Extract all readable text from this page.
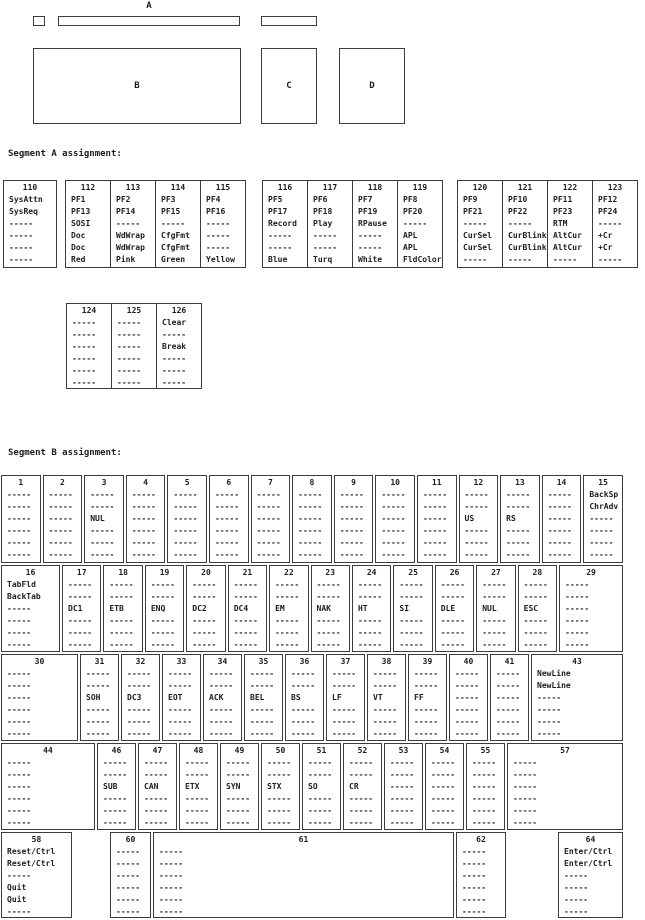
A
B	C	D
Segment A assignment:
110
SysAttn
SysReq
-----
-----
-----
-----
112
PF1
PF13
SOSI
Doc
Doc
Red
113
PF2
PF14
-----
WdWrap
WdWrap
Pink
114
PF3
PF15
-----
CfgFmt
CfgFmt
Green
115
PF4
PF16
-----
-----
-----
Yellow
116
PF5
PF17
Record
-----
-----
Blue
117
PF6
PF18
Play
-----
-----
Turq
118
PF7
PF19
RPause
-----
-----
White
119
PF8
PF20
-----
APL
APL
FldColor
120
PF9
PF21
-----
CurSel
CurSel
-----
121
PF10
PF22
-----
CurBlink
CurBlink
-----
122
PF11
PF23
RTM
AltCur
AltCur
-----
123
PF12
PF24
-----
+Cr
+Cr
-----
124
-----
-----
-----
-----
-----
-----
125
-----
-----
-----
-----
-----
-----
126
Clear
-----
Break
-----
-----
-----
Segment B assignment:
1
-----
-----
-----
-----
-----
-----
2
-----
-----
-----
-----
-----
-----
3
-----
-----
NUL
-----
-----
-----
4
-----
-----
-----
-----
-----
-----
5
-----
-----
-----
-----
-----
-----
6
-----
-----
-----
-----
-----
-----
7
-----
-----
-----
-----
-----
-----
8
-----
-----
-----
-----
-----
-----
9
-----
-----
-----
-----
-----
-----
10
-----
-----
-----
-----
-----
-----
11
-----
-----
-----
-----
-----
-----
12
-----
-----
US
-----
-----
-----
13
-----
-----
RS
-----
-----
-----
14
-----
-----
-----
-----
-----
-----
15
BackSp
ChrAdv
-----
-----
-----
-----
16
TabFld
BackTab
-----
-----
-----
-----
17
-----
-----
DC1
-----
-----
-----
18
-----
-----
ETB
-----
-----
-----
19
-----
-----
ENQ
-----
-----
-----
20
-----
-----
DC2
-----
-----
-----
21
-----
-----
DC4
-----
-----
-----
22
-----
-----
EM
-----
-----
-----
23
-----
-----
NAK
-----
-----
-----
24
-----
-----
HT
-----
-----
-----
25
-----
-----
SI
-----
-----
-----
26
-----
-----
DLE
-----
-----
-----
27
-----
-----
NUL
-----
-----
-----
28
-----
-----
ESC
-----
-----
-----
29
-----
-----
-----
-----
-----
-----
30
-----
-----
-----
-----
-----
-----
31
-----
-----
SOH
-----
-----
-----
32
-----
-----
DC3
-----
-----
-----
33
-----
-----
EOT
-----
-----
-----
34
-----
-----
ACK
-----
-----
-----
35
-----
-----
BEL
-----
-----
-----
36
-----
-----
BS
-----
-----
-----
37
-----
-----
LF
-----
-----
-----
38
-----
-----
VT
-----
-----
-----
39
-----
-----
FF
-----
-----
-----
40
-----
-----
-----
-----
-----
-----
41
-----
-----
-----
-----
-----
-----
43
NewLine
NewLine
-----
-----
-----
-----
44
-----
-----
-----
-----
-----
-----
46
-----
-----
SUB
-----
-----
-----
47
-----
-----
CAN
-----
-----
-----
48
-----
-----
ETX
-----
-----
-----
49
-----
-----
SYN
-----
-----
-----
50
-----
-----
STX
-----
-----
-----
51
-----
-----
SO
-----
-----
-----
52
-----
-----
CR
-----
-----
-----
53
-----
-----
-----
-----
-----
-----
54
-----
-----
-----
-----
-----
-----
55
-----
-----
-----
-----
-----
-----
57
-----
-----
-----
-----
-----
-----
58
Reset/Ctrl
Reset/Ctrl
-----
Quit
Quit
-----
60
-----
-----
-----
-----
-----
-----
61
-----
-----
-----
-----
-----
-----
62
-----
-----
-----
-----
-----
-----
64
Enter/Ctrl
Enter/Ctrl
-----
-----
-----
-----
